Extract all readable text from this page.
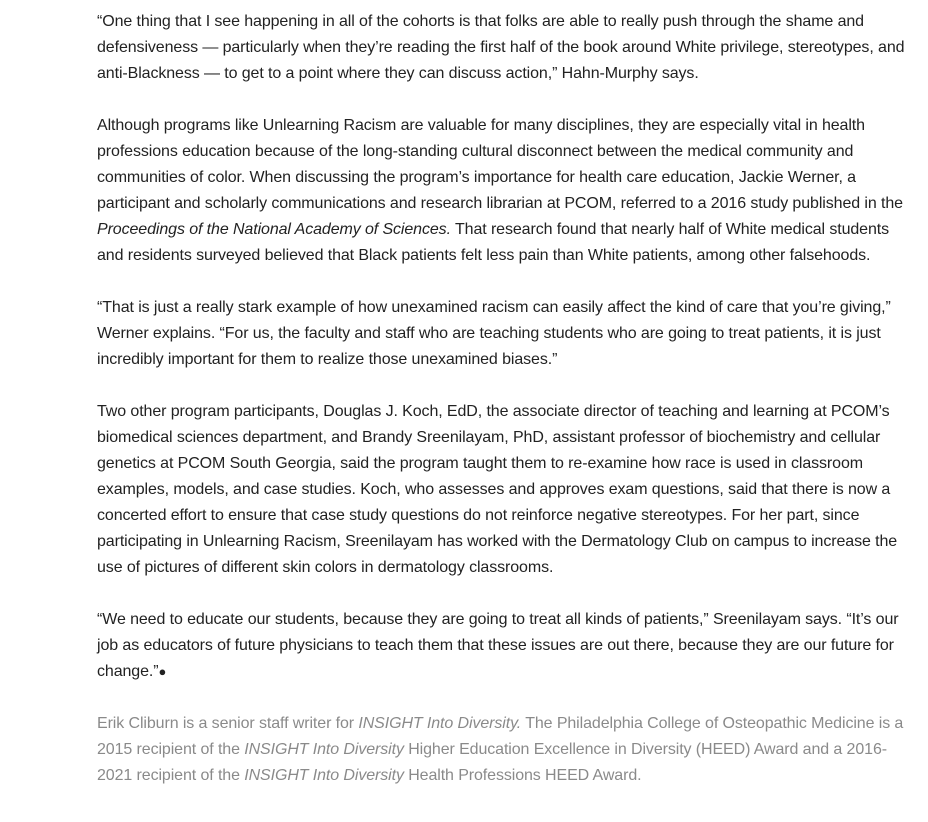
“One thing that I see happening in all of the cohorts is that folks are able to really push through the shame and defensiveness — particularly when they’re reading the first half of the book around White privilege, stereotypes, and anti-Blackness — to get to a point where they can discuss action,” Hahn-Murphy says.

Although programs like Unlearning Racism are valuable for many disciplines, they are especially vital in health professions education because of the long-standing cultural disconnect between the medical community and communities of color. When discussing the program’s importance for health care education, Jackie Werner, a participant and scholarly communications and research librarian at PCOM, referred to a 2016 study published in the Proceedings of the National Academy of Sciences. That research found that nearly half of White medical students and residents surveyed believed that Black patients felt less pain than White patients, among other falsehoods.

“That is just a really stark example of how unexamined racism can easily affect the kind of care that you’re giving,” Werner explains. “For us, the faculty and staff who are teaching students who are going to treat patients, it is just incredibly important for them to realize those unexamined biases.”

Two other program participants, Douglas J. Koch, EdD, the associate director of teaching and learning at PCOM’s biomedical sciences department, and Brandy Sreenilayam, PhD, assistant professor of biochemistry and cellular genetics at PCOM South Georgia, said the program taught them to re-examine how race is used in classroom examples, models, and case studies. Koch, who assesses and approves exam questions, said that there is now a concerted effort to ensure that case study questions do not reinforce negative stereotypes. For her part, since participating in Unlearning Racism, Sreenilayam has worked with the Dermatology Club on campus to increase the use of pictures of different skin colors in dermatology classrooms.

“We need to educate our students, because they are going to treat all kinds of patients,” Sreenilayam says. “It’s our job as educators of future physicians to teach them that these issues are out there, because they are our future for change.”●

Erik Cliburn is a senior staff writer for INSIGHT Into Diversity. The Philadelphia College of Osteopathic Medicine is a 2015 recipient of the INSIGHT Into Diversity Higher Education Excellence in Diversity (HEED) Award and a 2016-2021 recipient of the INSIGHT Into Diversity Health Professions HEED Award.
